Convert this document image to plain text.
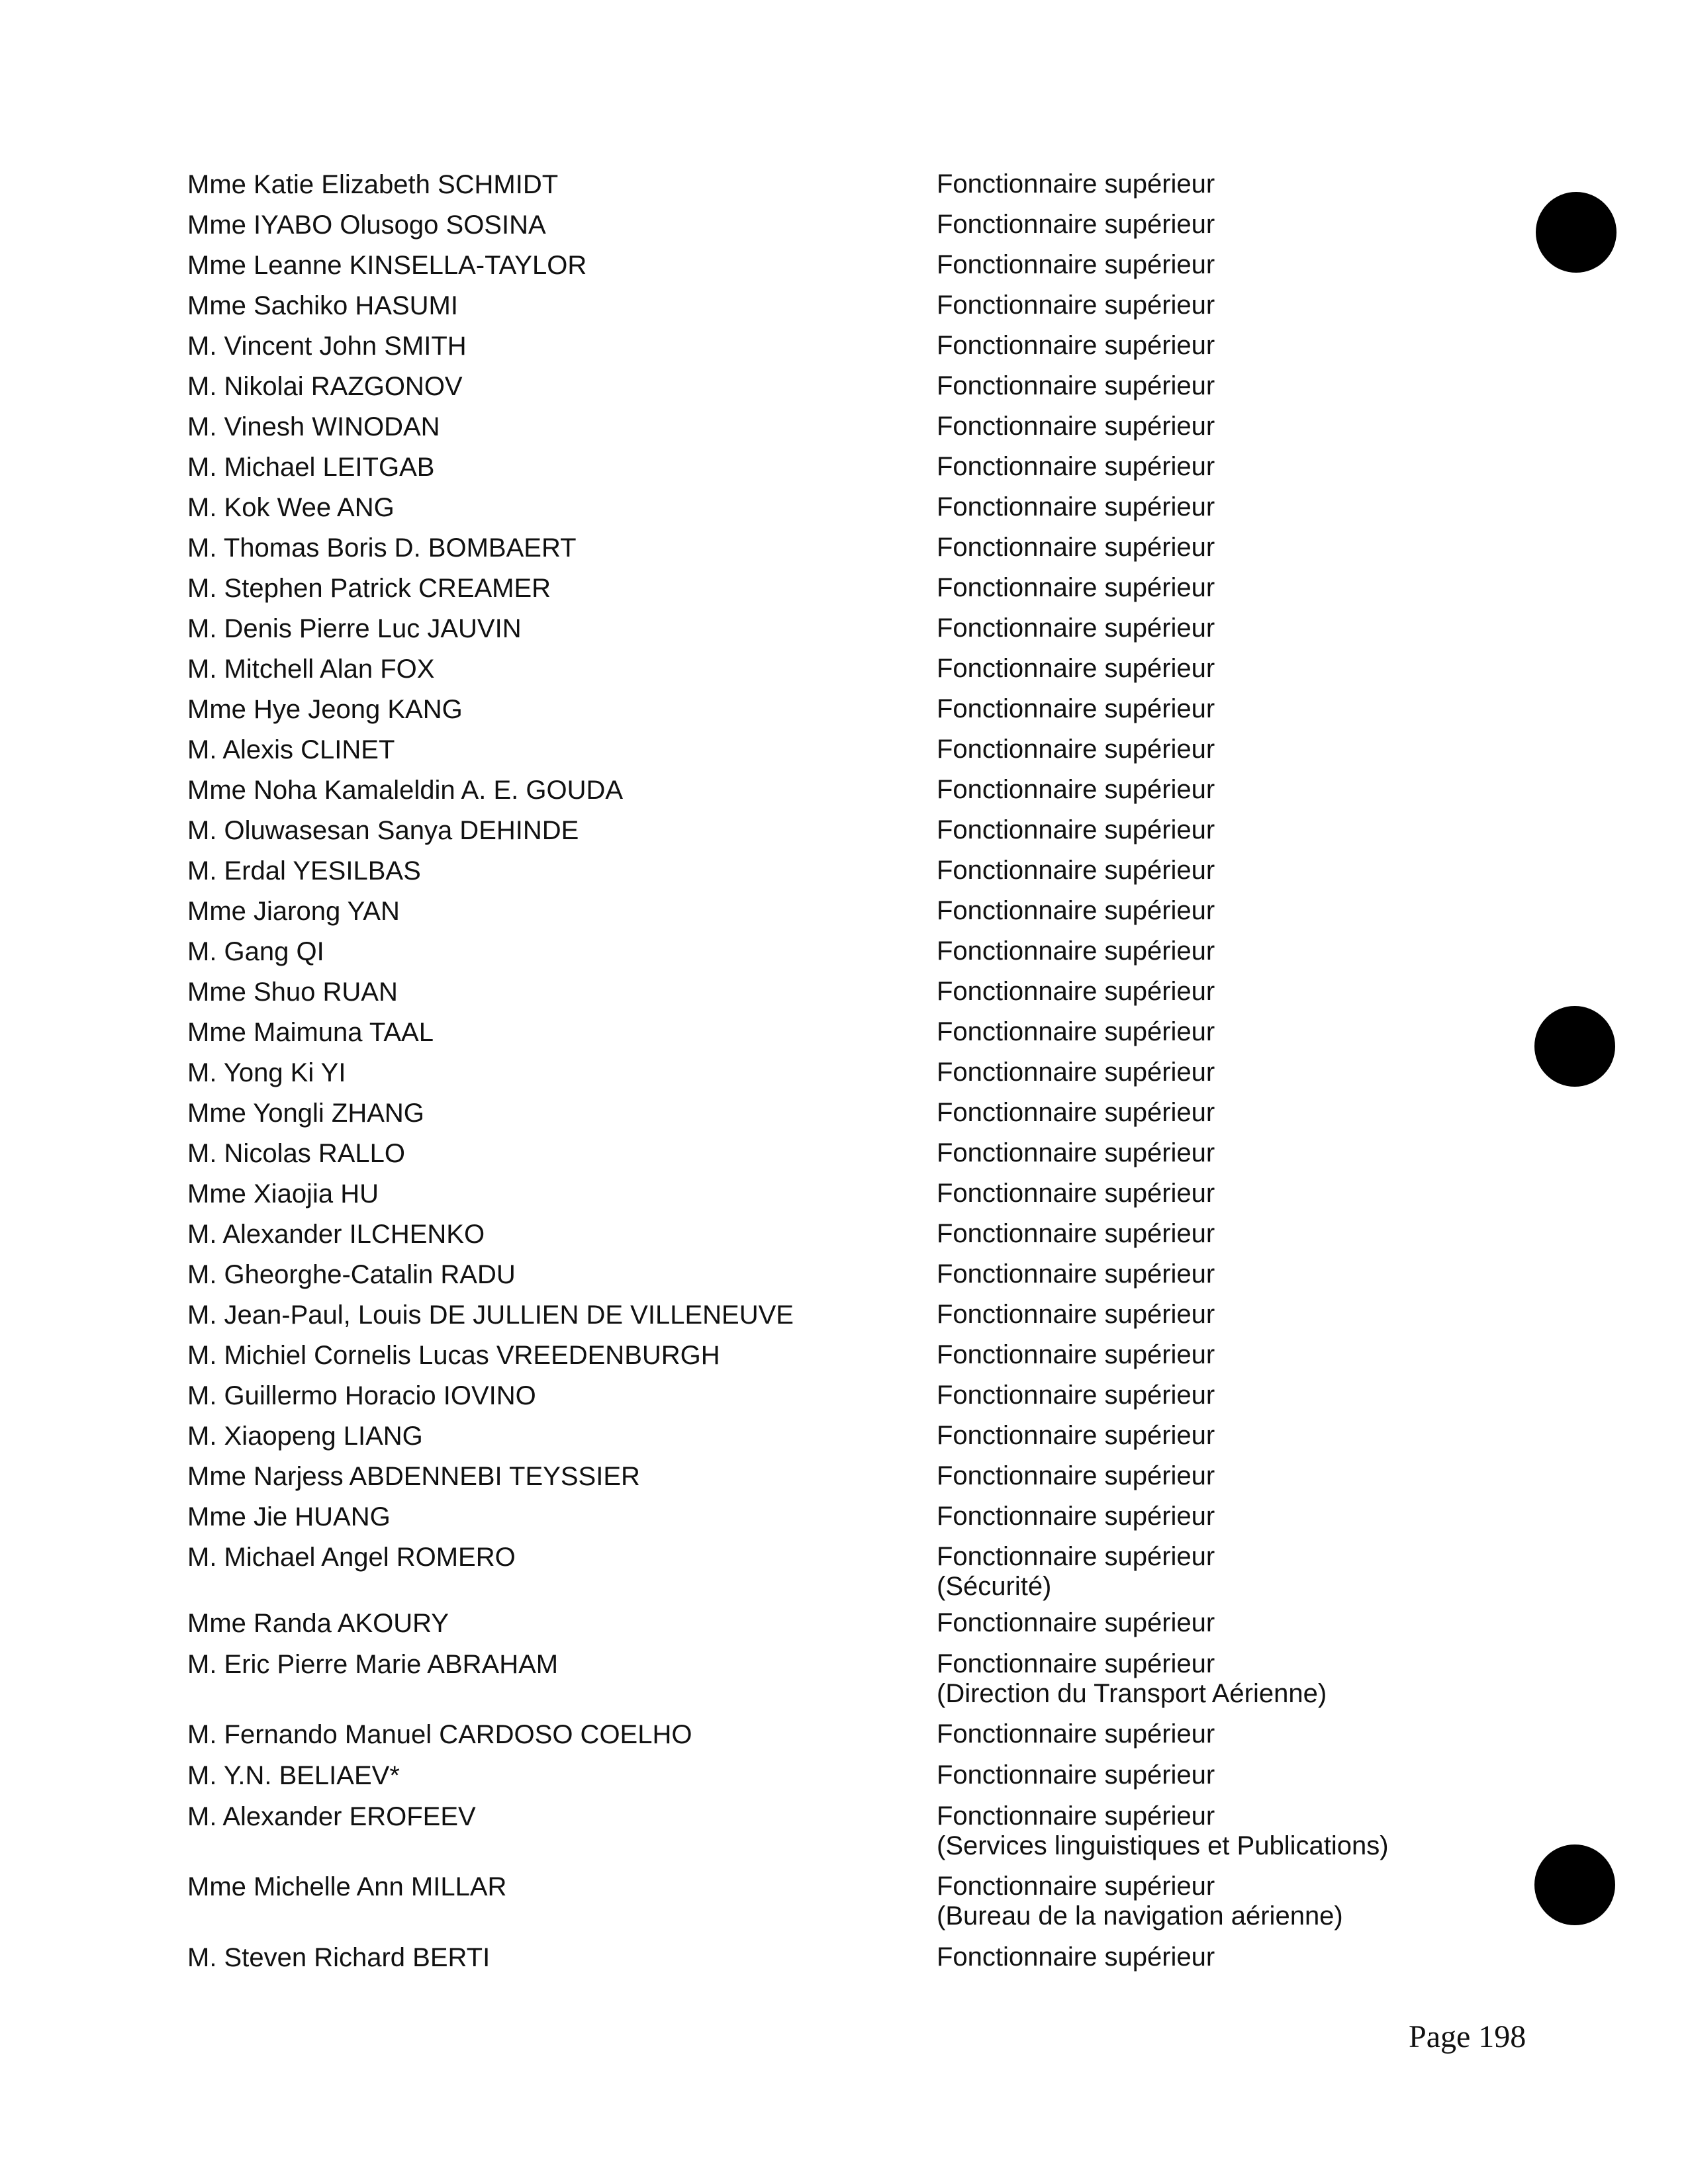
Mme Katie Elizabeth SCHMIDT	Fonctionnaire supérieur
Mme IYABO Olusogo SOSINA	Fonctionnaire supérieur
Mme Leanne KINSELLA-TAYLOR	Fonctionnaire supérieur
Mme Sachiko HASUMI	Fonctionnaire supérieur
M. Vincent John SMITH	Fonctionnaire supérieur
M. Nikolai RAZGONOV	Fonctionnaire supérieur
M. Vinesh WINODAN	Fonctionnaire supérieur
M. Michael LEITGAB	Fonctionnaire supérieur
M. Kok Wee ANG	Fonctionnaire supérieur
M. Thomas Boris D. BOMBAERT	Fonctionnaire supérieur
M. Stephen Patrick CREAMER	Fonctionnaire supérieur
M. Denis Pierre Luc JAUVIN	Fonctionnaire supérieur
M. Mitchell Alan FOX	Fonctionnaire supérieur
Mme Hye Jeong KANG	Fonctionnaire supérieur
M. Alexis CLINET	Fonctionnaire supérieur
Mme Noha Kamaleldin A. E. GOUDA	Fonctionnaire supérieur
M. Oluwasesan Sanya DEHINDE	Fonctionnaire supérieur
M. Erdal YESILBAS	Fonctionnaire supérieur
Mme Jiarong YAN	Fonctionnaire supérieur
M. Gang QI	Fonctionnaire supérieur
Mme Shuo RUAN	Fonctionnaire supérieur
Mme Maimuna TAAL	Fonctionnaire supérieur
M. Yong Ki YI	Fonctionnaire supérieur
Mme Yongli ZHANG	Fonctionnaire supérieur
M. Nicolas RALLO	Fonctionnaire supérieur
Mme Xiaojia HU	Fonctionnaire supérieur
M. Alexander ILCHENKO	Fonctionnaire supérieur
M. Gheorghe-Catalin RADU	Fonctionnaire supérieur
M. Jean-Paul, Louis DE JULLIEN DE VILLENEUVE	Fonctionnaire supérieur
M. Michiel Cornelis Lucas VREEDENBURGH	Fonctionnaire supérieur
M. Guillermo Horacio IOVINO	Fonctionnaire supérieur
M. Xiaopeng LIANG	Fonctionnaire supérieur
Mme Narjess ABDENNEBI TEYSSIER	Fonctionnaire supérieur
Mme Jie HUANG	Fonctionnaire supérieur
M. Michael Angel ROMERO	Fonctionnaire supérieur
(Sécurité)
Mme Randa AKOURY	Fonctionnaire supérieur
M. Eric Pierre Marie ABRAHAM	Fonctionnaire supérieur
(Direction du Transport Aérienne)
M. Fernando Manuel CARDOSO COELHO	Fonctionnaire supérieur
M. Y.N. BELIAEV*	Fonctionnaire supérieur
M. Alexander EROFEEV	Fonctionnaire supérieur
(Services linguistiques et Publications)
Mme Michelle Ann MILLAR	Fonctionnaire supérieur
(Bureau de la navigation aérienne)
M. Steven Richard BERTI	Fonctionnaire supérieur
Page 198
